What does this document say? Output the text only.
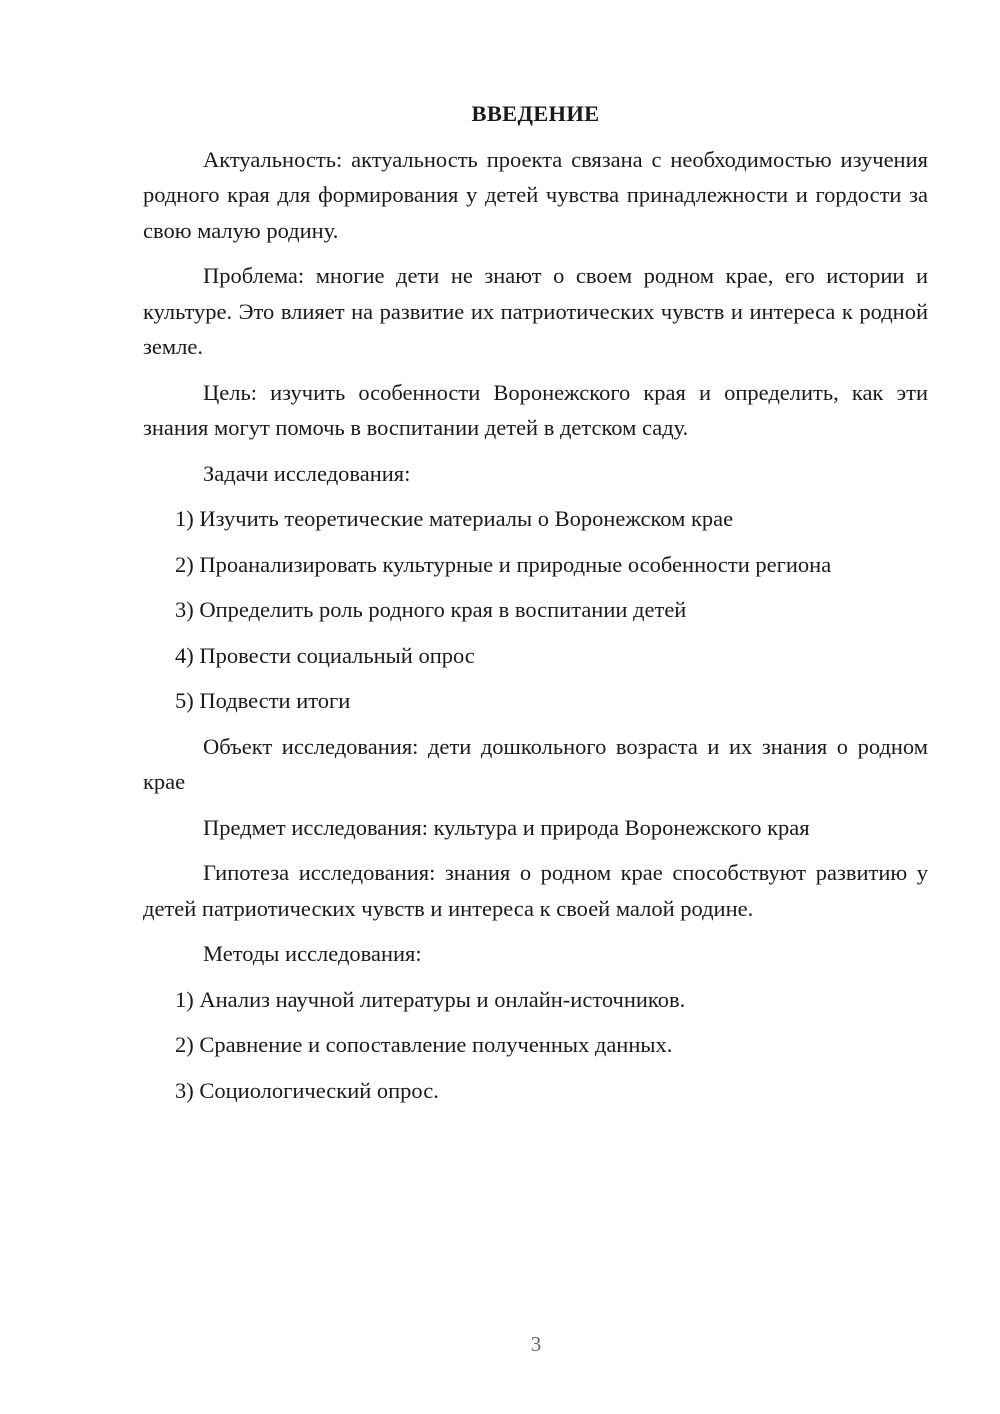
ВВЕДЕНИЕ

Актуальность: актуальность проекта связана с необходимостью изучения родного края для формирования у детей чувства принадлежности и гордости за свою малую родину.

Проблема: многие дети не знают о своем родном крае, его истории и культуре. Это влияет на развитие их патриотических чувств и интереса к родной земле.

Цель: изучить особенности Воронежского края и определить, как эти знания могут помочь в воспитании детей в детском саду.

Задачи исследования:

1) Изучить теоретические материалы о Воронежском крае
2) Проанализировать культурные и природные особенности региона
3) Определить роль родного края в воспитании детей
4) Провести социальный опрос
5) Подвести итоги

Объект исследования: дети дошкольного возраста и их знания о родном крае

Предмет исследования: культура и природа Воронежского края

Гипотеза исследования: знания о родном крае способствуют развитию у детей патриотических чувств и интереса к своей малой родине.

Методы исследования:

1) Анализ научной литературы и онлайн-источников.
2) Сравнение и сопоставление полученных данных.
3) Социологический опрос.
3
